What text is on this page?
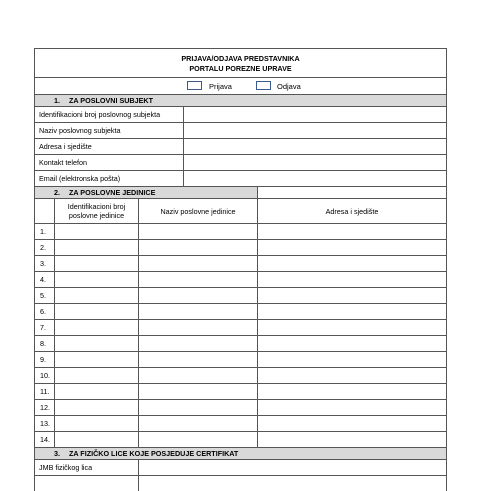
PRIJAVA/ODJAVA PREDSTAVNIKA
PORTALU POREZNE UPRAVE
Prijava	Odjava
1. ZA POSLOVNI SUBJEKT
Identifikacioni broj poslovnog subjekta
Naziv poslovnog subjekta
Adresa i sjedište
Kontakt telefon
Email (elektronska pošta)
2. ZA POSLOVNE JEDINICE
Identifikacioni broj
poslovne jedinice	Naziv poslovne jedinice	Adresa i sjedište
1.
2.
3.
4.
5.
6.
7.
8.
9.
10.
11.
12.
13.
14.
3. ZA FIZIČKO LICE KOJE POSJEDUJE CERTIFIKAT
JMB fizičkog lica
